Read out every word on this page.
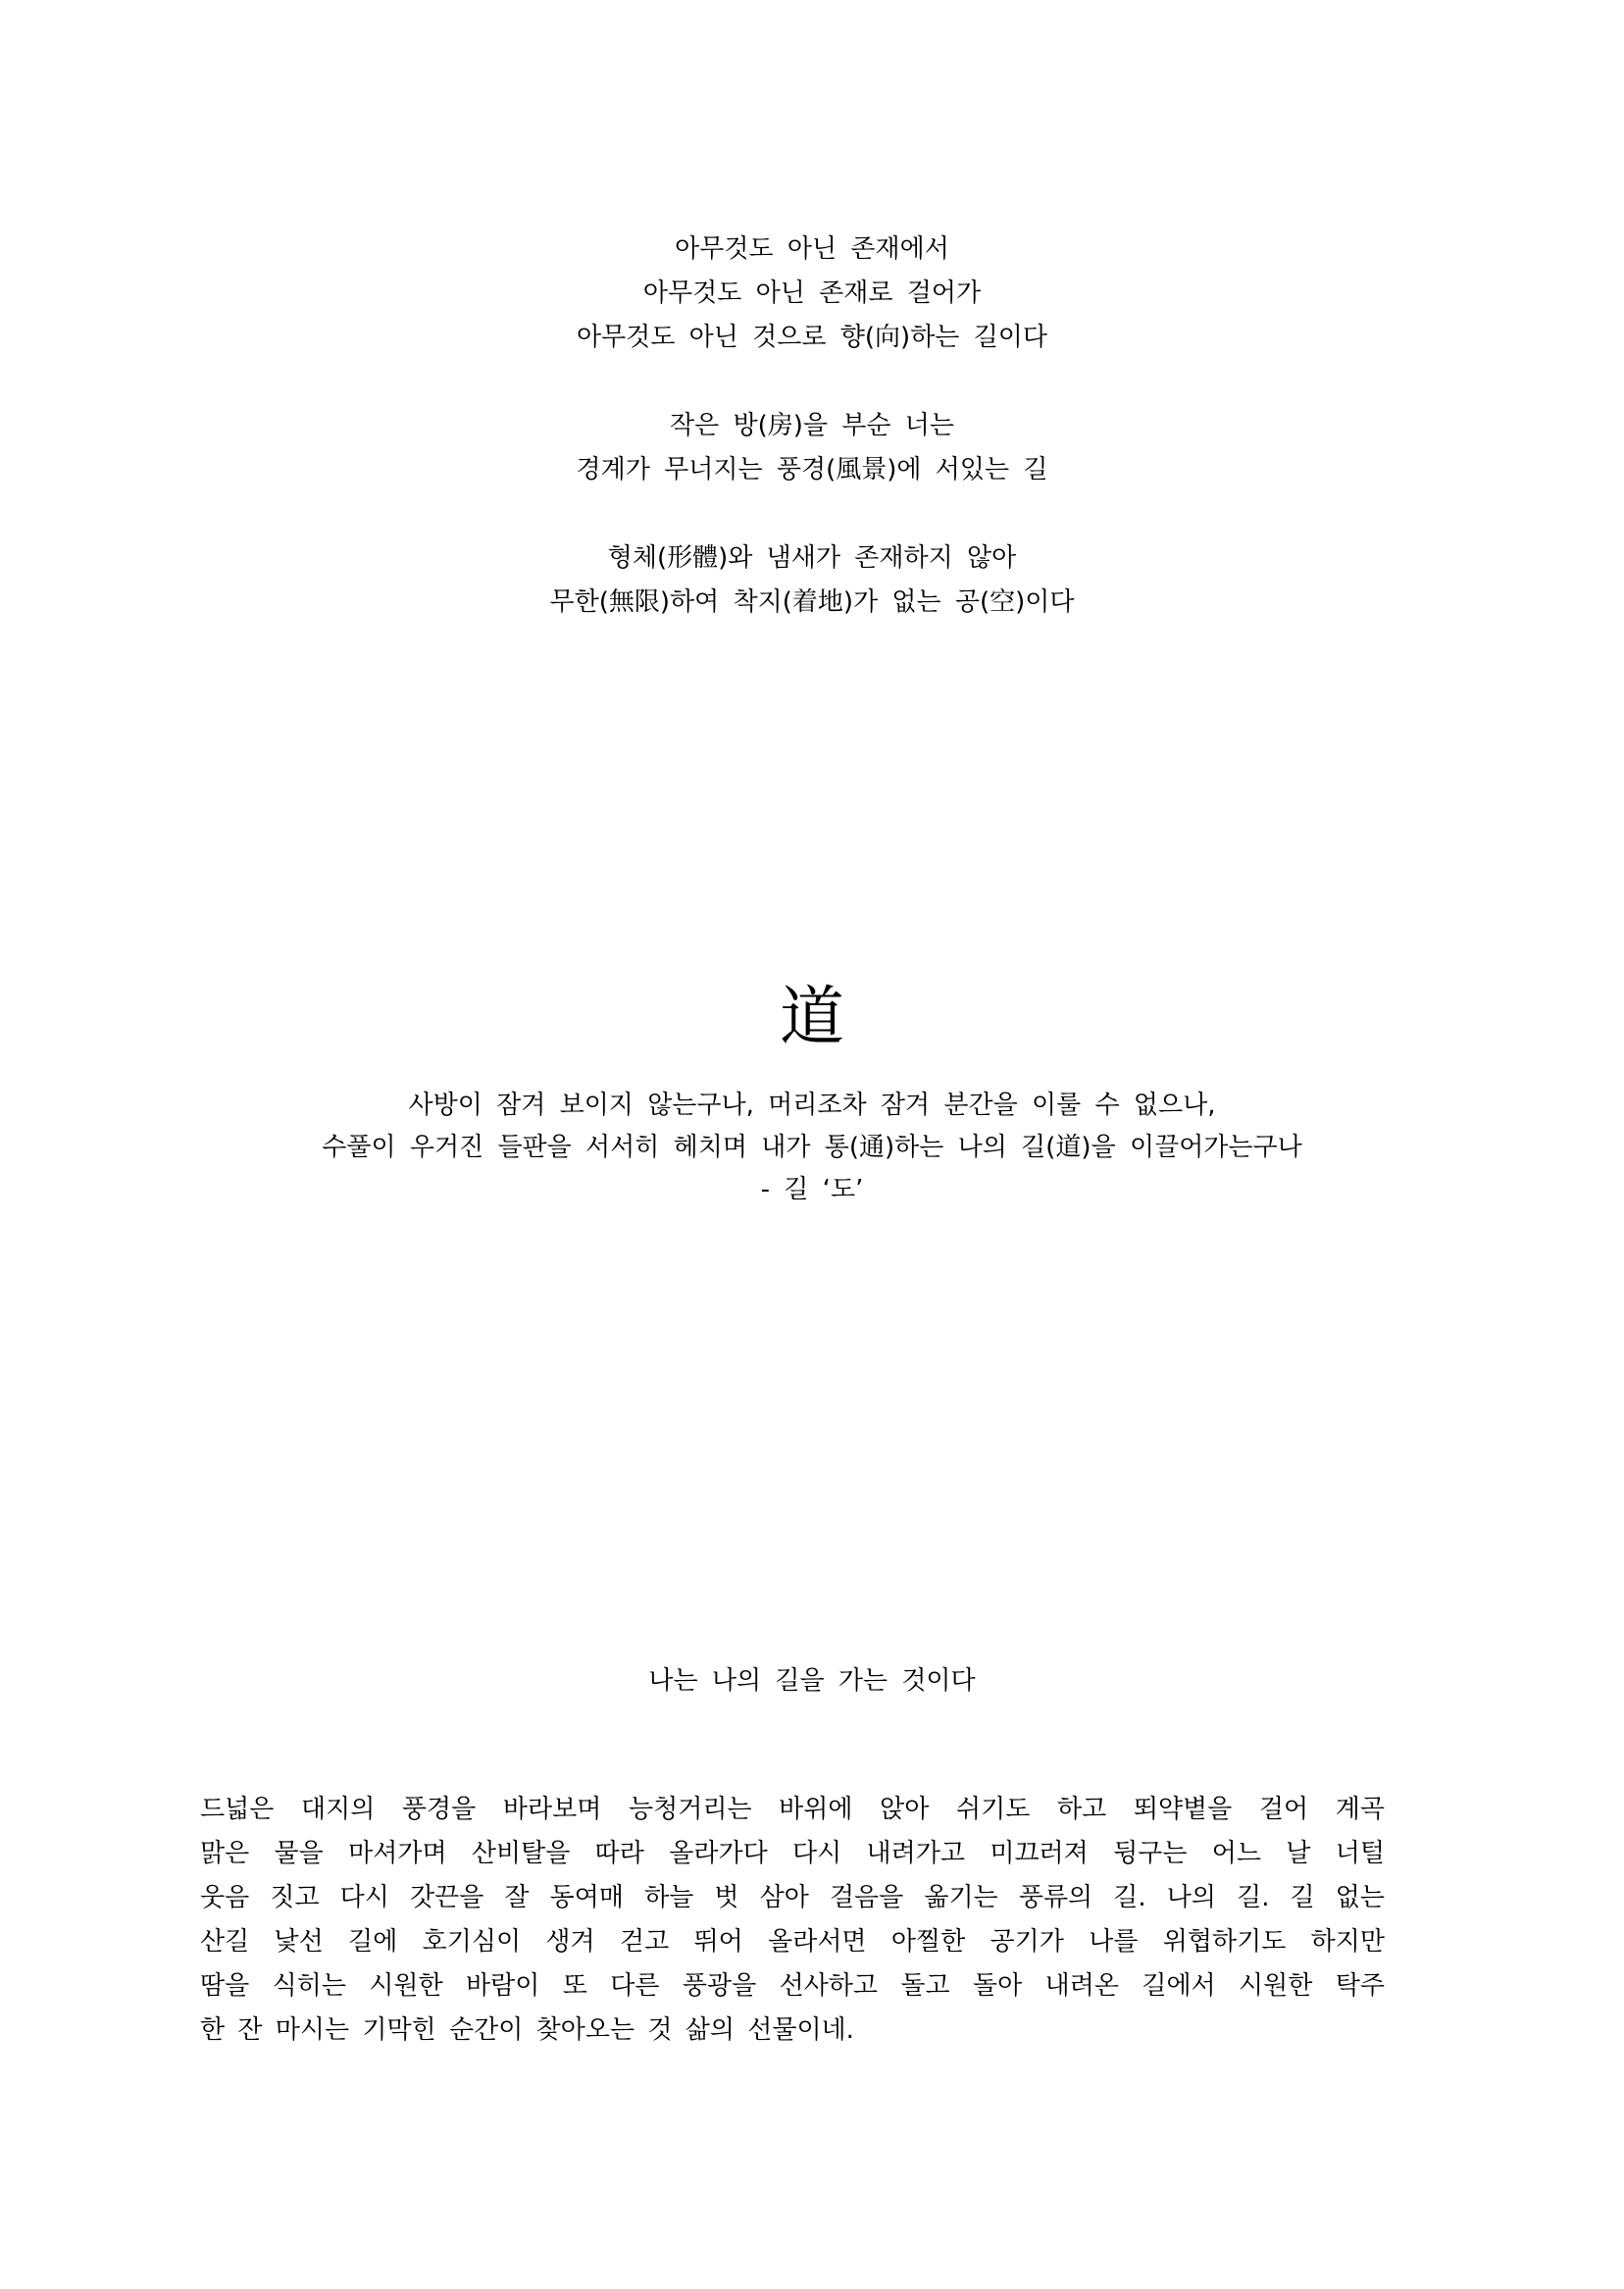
아무것도 아닌 존재에서
아무것도 아닌 존재로 걸어가
아무것도 아닌 것으로 향(向)하는 길이다
작은 방(房)을 부순 너는
경계가 무너지는 풍경(風景)에 서있는 길
형체(形體)와 냄새가 존재하지 않아
무한(無限)하여 착지(着地)가 없는 공(空)이다
道
사방이 잠겨 보이지 않는구나, 머리조차 잠겨 분간을 이룰 수 없으나,
수풀이 우거진 들판을 서서히 헤치며 내가 통(通)하는 나의 길(道)을 이끌어가는구나
- 길 ‘도’
나는 나의 길을 가는 것이다
드넓은 대지의 풍경을 바라보며 능청거리는 바위에 앉아 쉬기도 하고 뙤약볕을 걸어 계곡
맑은 물을 마셔가며 산비탈을 따라 올라가다 다시 내려가고 미끄러져 뒹구는 어느 날 너털
웃음 짓고 다시 갓끈을 잘 동여매 하늘 벗 삼아 걸음을 옮기는 풍류의 길. 나의 길. 길 없는
산길 낯선 길에 호기심이 생겨 걷고 뛰어 올라서면 아찔한 공기가 나를 위협하기도 하지만
땀을 식히는 시원한 바람이 또 다른 풍광을 선사하고 돌고 돌아 내려온 길에서 시원한 탁주
한 잔 마시는 기막힌 순간이 찾아오는 것 삶의 선물이네.
